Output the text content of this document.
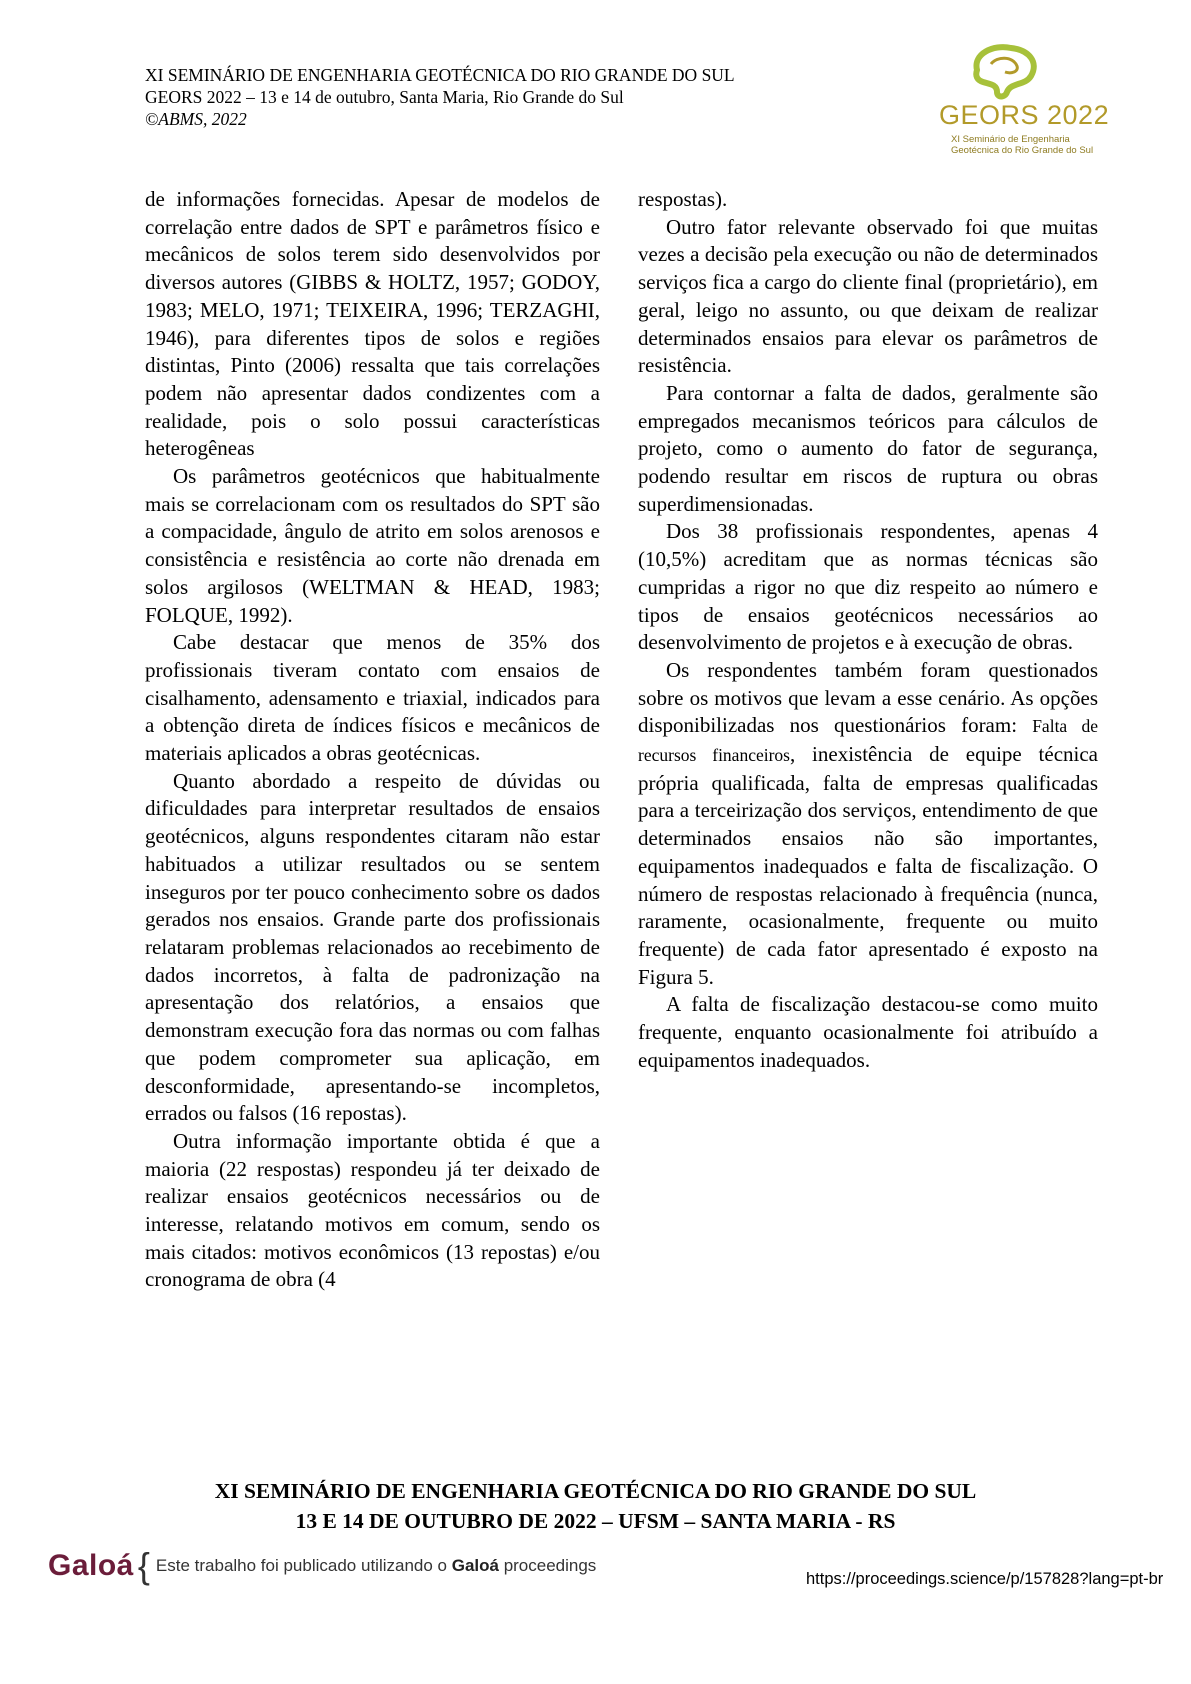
XI SEMINÁRIO DE ENGENHARIA GEOTÉCNICA DO RIO GRANDE DO SUL
GEORS 2022 – 13 e 14 de outubro, Santa Maria, Rio Grande do Sul
©ABMS, 2022	GEORS 2022
XI Seminário de Engenharia
Geotécnica do Rio Grande do Sul

de informações fornecidas. Apesar de modelos de correlação entre dados de SPT e parâmetros físico e mecânicos de solos terem sido desenvolvidos por diversos autores (GIBBS & HOLTZ, 1957; GODOY, 1983; MELO, 1971; TEIXEIRA, 1996; TERZAGHI, 1946), para diferentes tipos de solos e regiões distintas, Pinto (2006) ressalta que tais correlações podem não apresentar dados condizentes com a realidade, pois o solo possui características heterogêneas

Os parâmetros geotécnicos que habitualmente mais se correlacionam com os resultados do SPT são a compacidade, ângulo de atrito em solos arenosos e consistência e resistência ao corte não drenada em solos argilosos (WELTMAN & HEAD, 1983; FOLQUE, 1992).

Cabe destacar que menos de 35% dos profissionais tiveram contato com ensaios de cisalhamento, adensamento e triaxial, indicados para a obtenção direta de índices físicos e mecânicos de materiais aplicados a obras geotécnicas.

Quanto abordado a respeito de dúvidas ou dificuldades para interpretar resultados de ensaios geotécnicos, alguns respondentes citaram não estar habituados a utilizar resultados ou se sentem inseguros por ter pouco conhecimento sobre os dados gerados nos ensaios. Grande parte dos profissionais relataram problemas relacionados ao recebimento de dados incorretos, à falta de padronização na apresentação dos relatórios, a ensaios que demonstram execução fora das normas ou com falhas que podem comprometer sua aplicação, em desconformidade, apresentando-se incompletos, errados ou falsos (16 repostas).

Outra informação importante obtida é que a maioria (22 respostas) respondeu já ter deixado de realizar ensaios geotécnicos necessários ou de interesse, relatando motivos em comum, sendo os mais citados: motivos econômicos (13 repostas) e/ou cronograma de obra (4

respostas).

Outro fator relevante observado foi que muitas vezes a decisão pela execução ou não de determinados serviços fica a cargo do cliente final (proprietário), em geral, leigo no assunto, ou que deixam de realizar determinados ensaios para elevar os parâmetros de resistência.

Para contornar a falta de dados, geralmente são empregados mecanismos teóricos para cálculos de projeto, como o aumento do fator de segurança, podendo resultar em riscos de ruptura ou obras superdimensionadas.

Dos 38 profissionais respondentes, apenas 4 (10,5%) acreditam que as normas técnicas são cumpridas a rigor no que diz respeito ao número e tipos de ensaios geotécnicos necessários ao desenvolvimento de projetos e à execução de obras.

Os respondentes também foram questionados sobre os motivos que levam a esse cenário. As opções disponibilizadas nos questionários foram: Falta de recursos financeiros, inexistência de equipe técnica própria qualificada, falta de empresas qualificadas para a terceirização dos serviços, entendimento de que determinados ensaios não são importantes, equipamentos inadequados e falta de fiscalização. O número de respostas relacionado à frequência (nunca, raramente, ocasionalmente, frequente ou muito frequente) de cada fator apresentado é exposto na Figura 5.

A falta de fiscalização destacou-se como muito frequente, enquanto ocasionalmente foi atribuído a equipamentos inadequados.

XI SEMINÁRIO DE ENGENHARIA GEOTÉCNICA DO RIO GRANDE DO SUL
13 E 14 DE OUTUBRO DE 2022 – UFSM – SANTA MARIA - RS
Galoá { Este trabalho foi publicado utilizando o Galoá proceedings
https://proceedings.science/p/157828?lang=pt-br
